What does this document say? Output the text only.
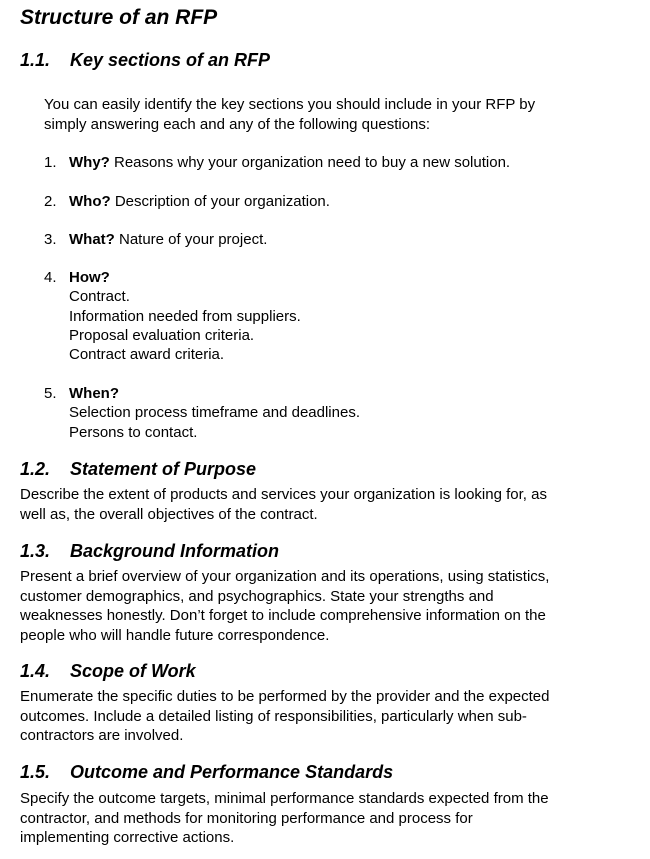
Structure of an RFP
1.1. Key sections of an RFP

You can easily identify the key sections you should include in your RFP by
simply answering each and any of the following questions:

1. Why? Reasons why your organization need to buy a new solution.
2. Who? Description of your organization.
3. What? Nature of your project.
4. How?
Contract.
Information needed from suppliers.
Proposal evaluation criteria.
Contract award criteria.
5. When?
Selection process timeframe and deadlines.
Persons to contact.
1.2. Statement of Purpose

Describe the extent of products and services your organization is looking for, as
well as, the overall objectives of the contract.

1.3. Background Information

Present a brief overview of your organization and its operations, using statistics,
customer demographics, and psychographics. State your strengths and
weaknesses honestly. Don’t forget to include comprehensive information on the
people who will handle future correspondence.

1.4. Scope of Work

Enumerate the specific duties to be performed by the provider and the expected
outcomes. Include a detailed listing of responsibilities, particularly when sub-
contractors are involved.

1.5. Outcome and Performance Standards

Specify the outcome targets, minimal performance standards expected from the
contractor, and methods for monitoring performance and process for
implementing corrective actions.
